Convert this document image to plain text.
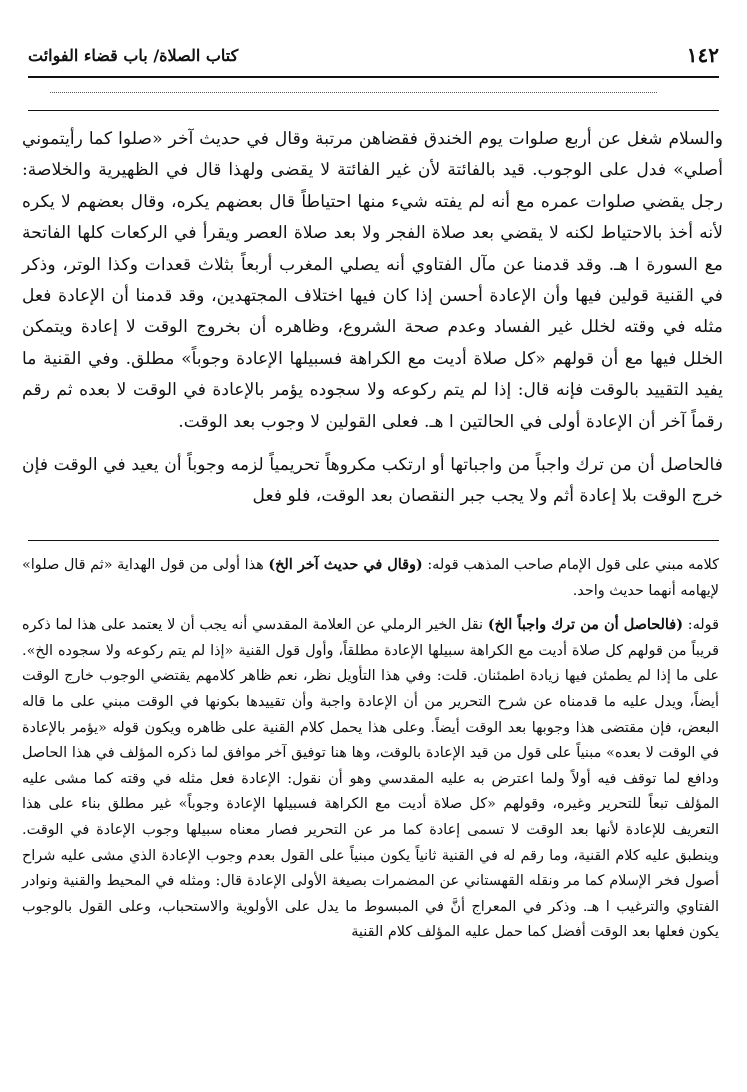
١٤٢
كتاب الصلاة/ باب قضاء الفوائت

والسلام شغل عن أربع صلوات يوم الخندق فقضاهن مرتبة وقال في حديث آخر «صلوا كما رأيتموني أصلي» فدل على الوجوب. قيد بالفائتة لأن غير الفائتة لا يقضى ولهذا قال في الظهيرية والخلاصة: رجل يقضي صلوات عمره مع أنه لم يفته شيء منها احتياطاً قال بعضهم يكره، وقال بعضهم لا يكره لأنه أخذ بالاحتياط لكنه لا يقضي بعد صلاة الفجر ولا بعد صلاة العصر ويقرأ في الركعات كلها الفاتحة مع السورة ا هـ. وقد قدمنا عن مآل الفتاوي أنه يصلي المغرب أربعاً بثلاث قعدات وكذا الوتر، وذكر في القنية قولين فيها وأن الإعادة أحسن إذا كان فيها اختلاف المجتهدين، وقد قدمنا أن الإعادة فعل مثله في وقته لخلل غير الفساد وعدم صحة الشروع، وظاهره أن بخروج الوقت لا إعادة ويتمكن الخلل فيها مع أن قولهم «كل صلاة أديت مع الكراهة فسبيلها الإعادة وجوباً» مطلق. وفي القنية ما يفيد التقييد بالوقت فإنه قال: إذا لم يتم ركوعه ولا سجوده يؤمر بالإعادة في الوقت لا بعده ثم رقم رقماً آخر أن الإعادة أولى في الحالتين ا هـ. فعلى القولين لا وجوب بعد الوقت.

فالحاصل أن من ترك واجباً من واجباتها أو ارتكب مكروهاً تحريمياً لزمه وجوباً أن يعيد في الوقت فإن خرج الوقت بلا إعادة أثم ولا يجب جبر النقصان بعد الوقت، فلو فعل

كلامه مبني على قول الإمام صاحب المذهب قوله: (وقال في حديث آخر الخ) هذا أولى من قول الهداية «ثم قال صلوا» لإيهامه أنهما حديث واحد.

قوله: (فالحاصل أن من ترك واجباً الخ) نقل الخير الرملي عن العلامة المقدسي أنه يجب أن لا يعتمد على هذا لما ذكره قريباً من قولهم كل صلاة أديت مع الكراهة سبيلها الإعادة مطلقاً، وأول قول القنية «إذا لم يتم ركوعه ولا سجوده الخ». على ما إذا لم يطمئن فيها زيادة اطمئنان. قلت: وفي هذا التأويل نظر، نعم ظاهر كلامهم يقتضي الوجوب خارج الوقت أيضاً، ويدل عليه ما قدمناه عن شرح التحرير من أن الإعادة واجبة وأن تقييدها بكونها في الوقت مبني على ما قاله البعض، فإن مقتضى هذا وجوبها بعد الوقت أيضاً. وعلى هذا يحمل كلام القنية على ظاهره ويكون قوله «يؤمر بالإعادة في الوقت لا بعده» مبنياً على قول من قيد الإعادة بالوقت، وها هنا توفيق آخر موافق لما ذكره المؤلف في هذا الحاصل ودافع لما توقف فيه أولاً ولما اعترض به عليه المقدسي وهو أن نقول: الإعادة فعل مثله في وقته كما مشى عليه المؤلف تبعاً للتحرير وغيره، وقولهم «كل صلاة أديت مع الكراهة فسبيلها الإعادة وجوباً» غير مطلق بناء على هذا التعريف للإعادة لأنها بعد الوقت لا تسمى إعادة كما مر عن التحرير فصار معناه سبيلها وجوب الإعادة في الوقت. وينطبق عليه كلام القنية، وما رقم له في القنية ثانياً يكون مبنياً على القول بعدم وجوب الإعادة الذي مشى عليه شراح أصول فخر الإسلام كما مر ونقله القهستاني عن المضمرات بصيغة الأولى الإعادة قال: ومثله في المحيط والقنية ونوادر الفتاوي والترغيب ا هـ. وذكر في المعراج أنَّ في المبسوط ما يدل على الأولوية والاستحباب، وعلى القول بالوجوب يكون فعلها بعد الوقت أفضل كما حمل عليه المؤلف كلام القنية
